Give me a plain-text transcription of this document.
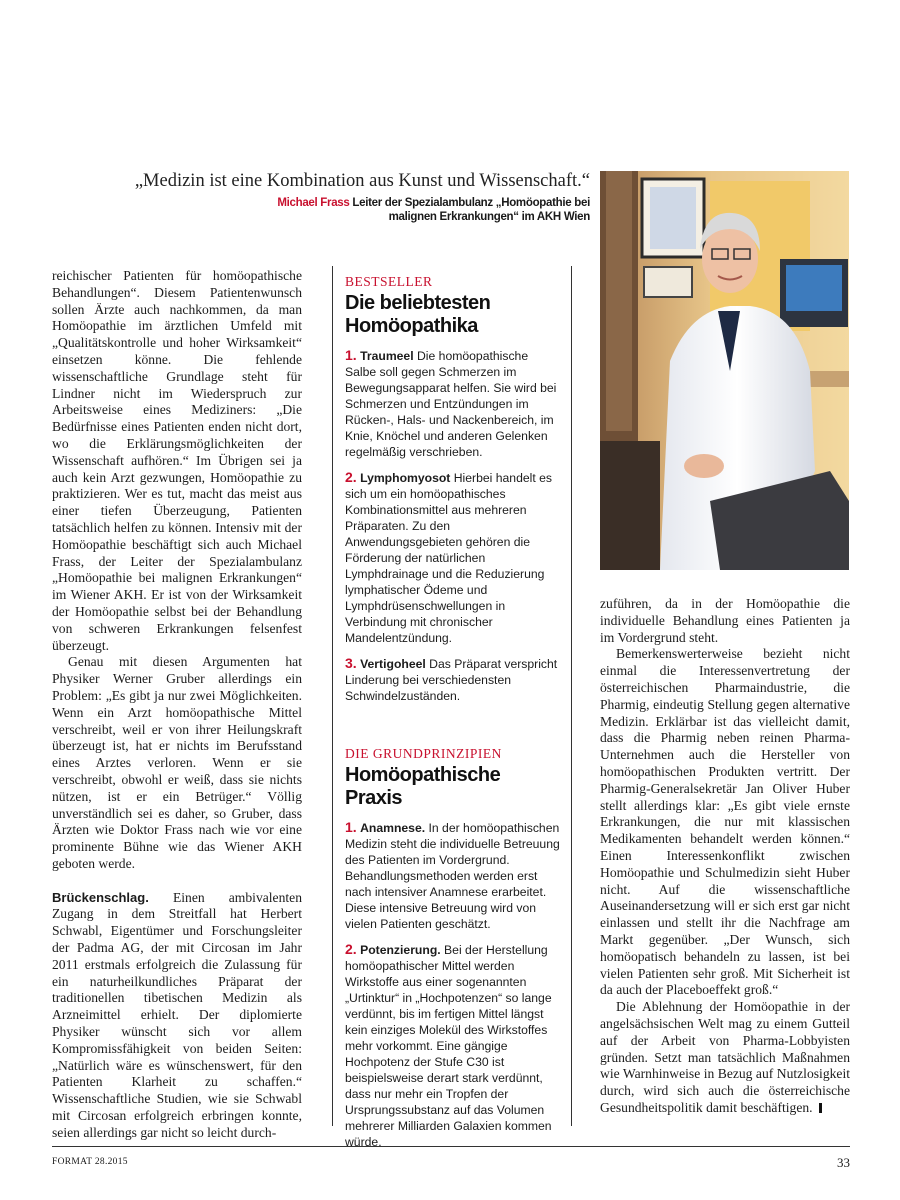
„Medizin ist eine Kombination aus Kunst und Wissenschaft.“
Michael Frass Leiter der Spezialambulanz „Homöopathie bei malignen Erkrankungen“ im AKH Wien

reichischer Patienten für homöopathische Behandlungen“. Diesem Patientenwunsch sollen Ärzte auch nachkommen, da man Homöopathie im ärztlichen Umfeld mit „Qualitätskontrolle und hoher Wirksamkeit“ einsetzen könne. Die fehlende wissenschaftliche Grundlage steht für Lindner nicht im Wiederspruch zur Arbeitsweise eines Mediziners: „Die Bedürfnisse eines Patienten enden nicht dort, wo die Erklärungsmöglichkeiten der Wissenschaft aufhören.“ Im Übrigen sei ja auch kein Arzt gezwungen, Homöopathie zu praktizieren. Wer es tut, macht das meist aus einer tiefen Überzeugung, Patienten tatsächlich helfen zu können. Intensiv mit der Homöopathie beschäftigt sich auch Michael Frass, der Leiter der Spezialambulanz „Homöopathie bei malignen Erkrankungen“ im Wiener AKH. Er ist von der Wirksamkeit der Homöopathie selbst bei der Behandlung von schweren Erkrankungen felsenfest überzeugt.

Genau mit diesen Argumenten hat Physiker Werner Gruber allerdings ein Problem: „Es gibt ja nur zwei Möglichkeiten. Wenn ein Arzt homöopathische Mittel verschreibt, weil er von ihrer Heilungskraft überzeugt ist, hat er nichts im Berufsstand eines Arztes verloren. Wenn er sie verschreibt, obwohl er weiß, dass sie nichts nützen, ist er ein Betrüger.“ Völlig unverständlich sei es daher, so Gruber, dass Ärzten wie Doktor Frass nach wie vor eine prominente Bühne wie das Wiener AKH geboten werde.

Brückenschlag. Einen ambivalenten Zugang in dem Streitfall hat Herbert Schwabl, Eigentümer und Forschungsleiter der Padma AG, der mit Circosan im Jahr 2011 erstmals erfolgreich die Zulassung für ein naturheilkundliches Präparat der traditionellen tibetischen Medizin als Arzneimittel erhielt. Der diplomierte Physiker wünscht sich vor allem Kompromissfähigkeit von beiden Seiten: „Natürlich wäre es wünschenswert, für den Patienten Klarheit zu schaffen.“ Wissenschaftliche Studien, wie sie Schwabl mit Circosan erfolgreich erbringen konnte, seien allerdings gar nicht so leicht durch-

BESTSELLER
Die beliebtesten Homöopathika
1. Traumeel Die homöopathische Salbe soll gegen Schmerzen im Bewegungsapparat helfen. Sie wird bei Schmerzen und Entzündungen im Rücken-, Hals- und Nackenbereich, im Knie, Knöchel und anderen Gelenken regelmäßig verschrieben.
2. Lymphomyosot Hierbei handelt es sich um ein homöopathisches Kombinationsmittel aus mehreren Präparaten. Zu den Anwendungsgebieten gehören die Förderung der natürlichen Lymphdrainage und die Reduzierung lymphatischer Ödeme und Lymphdrüsenschwellungen in Verbindung mit chronischer Mandelentzündung.
3. Vertigoheel Das Präparat verspricht Linderung bei verschiedensten Schwindelzuständen.
DIE GRUNDPRINZIPIEN
Homöopathische Praxis
1. Anamnese. In der homöopathischen Medizin steht die individuelle Betreuung des Patienten im Vordergrund. Behandlungsmethoden werden erst nach intensiver Anamnese erarbeitet. Diese intensive Betreuung wird von vielen Patienten geschätzt.
2. Potenzierung. Bei der Herstellung homöopathischer Mittel werden Wirkstoffe aus einer sogenannten „Urtinktur“ in „Hochpotenzen“ so lange verdünnt, bis im fertigen Mittel längst kein einziges Molekül des Wirkstoffes mehr vorkommt. Eine gängige Hochpotenz der Stufe C30 ist beispielsweise derart stark verdünnt, dass nur mehr ein Tropfen der Ursprungssubstanz auf das Volumen mehrerer Milliarden Galaxien kommen würde.

zuführen, da in der Homöopathie die individuelle Behandlung eines Patienten ja im Vordergrund steht.

Bemerkenswerterweise bezieht nicht einmal die Interessenvertretung der österreichischen Pharmaindustrie, die Pharmig, eindeutig Stellung gegen alternative Medizin. Erklärbar ist das vielleicht damit, dass die Pharmig neben reinen Pharma-Unternehmen auch die Hersteller von homöopathischen Produkten vertritt. Der Pharmig-Generalsekretär Jan Oliver Huber stellt allerdings klar: „Es gibt viele ernste Erkrankungen, die nur mit klassischen Medikamenten behandelt werden können.“ Einen Interessenkonflikt zwischen Homöopathie und Schulmedizin sieht Huber nicht. Auf die wissenschaftliche Auseinandersetzung will er sich erst gar nicht einlassen und stellt ihr die Nachfrage am Markt gegenüber. „Der Wunsch, sich homöopatisch behandeln zu lassen, ist bei vielen Patienten sehr groß. Mit Sicherheit ist da auch der Placeboeffekt groß.“

Die Ablehnung der Homöopathie in der angelsächsischen Welt mag zu einem Gutteil auf der Arbeit von Pharma-Lobbyisten gründen. Setzt man tatsächlich Maßnahmen wie Warnhinweise in Bezug auf Nutzlosigkeit durch, wird sich auch die österreichische Gesundheitspolitik damit beschäftigen.

FORMAT 28.2015	33
